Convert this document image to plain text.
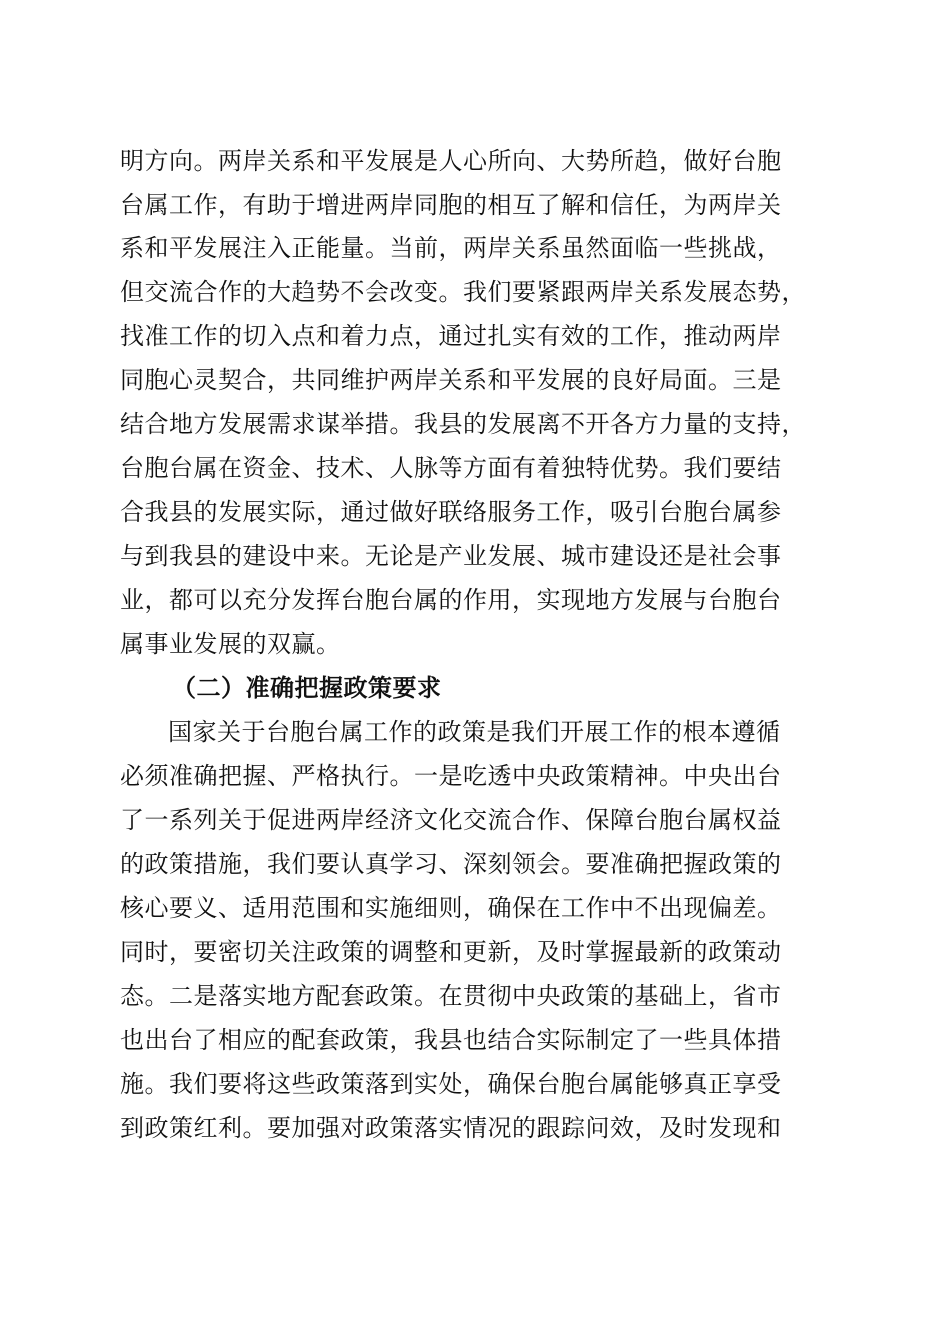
明方向。两岸关系和平发展是人心所向、大势所趋，做好台胞
台属工作，有助于增进两岸同胞的相互了解和信任，为两岸关
系和平发展注入正能量。当前，两岸关系虽然面临一些挑战，
但交流合作的大趋势不会改变。我们要紧跟两岸关系发展态势，
找准工作的切入点和着力点，通过扎实有效的工作，推动两岸
同胞心灵契合，共同维护两岸关系和平发展的良好局面。三是
结合地方发展需求谋举措。我县的发展离不开各方力量的支持，
台胞台属在资金、技术、人脉等方面有着独特优势。我们要结
合我县的发展实际，通过做好联络服务工作，吸引台胞台属参
与到我县的建设中来。无论是产业发展、城市建设还是社会事
业，都可以充分发挥台胞台属的作用，实现地方发展与台胞台
属事业发展的双赢。
（二）准确把握政策要求
国家关于台胞台属工作的政策是我们开展工作的根本遵循
必须准确把握、严格执行。一是吃透中央政策精神。中央出台
了一系列关于促进两岸经济文化交流合作、保障台胞台属权益
的政策措施，我们要认真学习、深刻领会。要准确把握政策的
核心要义、适用范围和实施细则，确保在工作中不出现偏差。
同时，要密切关注政策的调整和更新，及时掌握最新的政策动
态。二是落实地方配套政策。在贯彻中央政策的基础上，省市
也出台了相应的配套政策，我县也结合实际制定了一些具体措
施。我们要将这些政策落到实处，确保台胞台属能够真正享受
到政策红利。要加强对政策落实情况的跟踪问效，及时发现和
